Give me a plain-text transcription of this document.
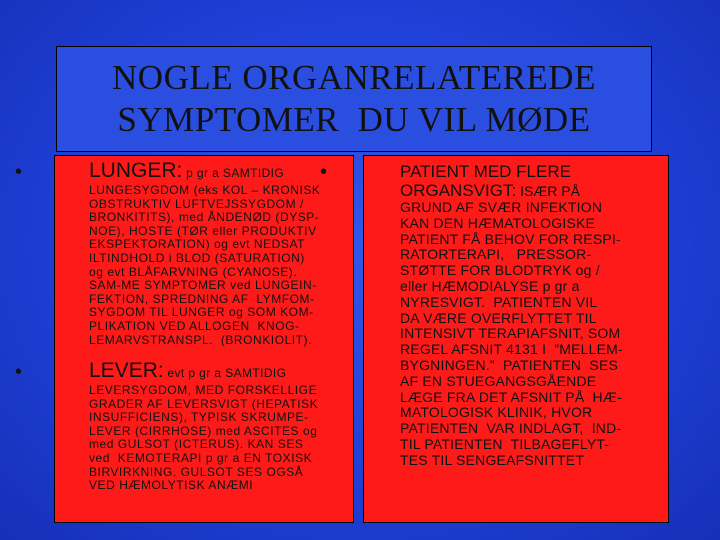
NOGLE ORGANRELATEREDE
SYMPTOMER  DU VIL MØDE
•	LUNGER: p gr a SAMTIDIG
LUNGESYGDOM (eks KOL – KRONISK
OBSTRUKTIV LUFTVEJSSYGDOM /
BRONKITITS), med ÅNDENØD (DYSP-
NOE), HOSTE (TØR eller PRODUKTIV
EKSPEKTORATION) og evt NEDSAT
ILTINDHOLD i BLOD (SATURATION)
og evt BLÅFARVNING (CYANOSE).
SAM-ME SYMPTOMER ved LUNGEIN-
FEKTION, SPREDNING AF  LYMFOM-
SYGDOM TIL LUNGER og SOM KOM-
PLIKATION VED ALLOGEN  KNOG-
LEMARVSTRANSPL.  (BRONKIOLIT).
•	LEVER: evt p gr a SAMTIDIG
LEVERSYGDOM, MED FORSKELLIGE
GRADER AF LEVERSVIGT (HEPATISK
INSUFFICIENS), TYPISK SKRUMPE-
LEVER (CIRRHOSE) med ASCITES og
med GULSOT (ICTERUS). KAN SES
ved  KEMOTERAPI p gr a EN TOXISK
BIRVIRKNING. GULSOT SES OGSÅ
VED HÆMOLYTISK ANÆMI
•	PATIENT MED FLERE
ORGANSVIGT: ISÆR PÅ
GRUND AF SVÆR INFEKTION
KAN DEN HÆMATOLOGISKE
PATIENT FÅ BEHOV FOR RESPI-
RATORTERAPI,   PRESSOR-
STØTTE FOR BLODTRYK og /
eller HÆMODIALYSE p gr a
NYRESVIGT.  PATIENTEN VIL
DA VÆRE OVERFLYTTET TIL
INTENSIVT TERAPIAFSNIT, SOM
REGEL AFSNIT 4131 I  ”MELLEM-
BYGNINGEN.”  PATIENTEN  SES
AF EN STUEGANGSGÅENDE
LÆGE FRA DET AFSNIT PÅ  HÆ-
MATOLOGISK KLINIK, HVOR
PATIENTEN  VAR INDLAGT,  IND-
TIL PATIENTEN  TILBAGEFLYT-
TES TIL SENGEAFSNITTET
